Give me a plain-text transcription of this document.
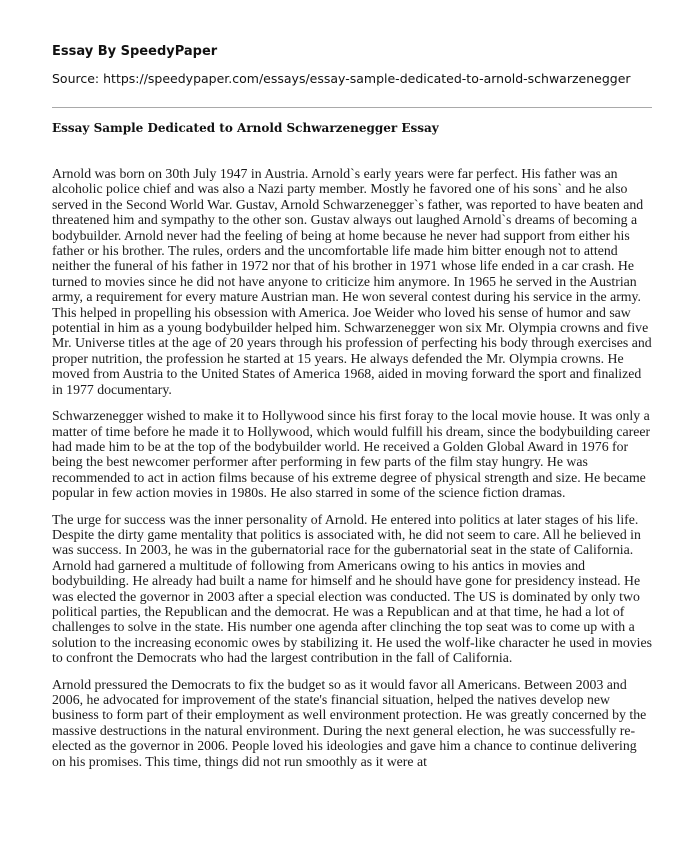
Essay By SpeedyPaper
Source: https://speedypaper.com/essays/essay-sample-dedicated-to-arnold-schwarzenegger
Essay Sample Dedicated to Arnold Schwarzenegger Essay

Arnold was born on 30th July 1947 in Austria. Arnold`s early years were far perfect. His father was an alcoholic police chief and was also a Nazi party member. Mostly he favored one of his sons` and he also served in the Second World War. Gustav, Arnold Schwarzenegger`s father, was reported to have beaten and threatened him and sympathy to the other son. Gustav always out laughed Arnold`s dreams of becoming a bodybuilder. Arnold never had the feeling of being at home because he never had support from either his father or his brother. The rules, orders and the uncomfortable life made him bitter enough not to attend neither the funeral of his father in 1972 nor that of his brother in 1971 whose life ended in a car crash. He turned to movies since he did not have anyone to criticize him anymore. In 1965 he served in the Austrian army, a requirement for every mature Austrian man. He won several contest during his service in the army. This helped in propelling his obsession with America. Joe Weider who loved his sense of humor and saw potential in him as a young bodybuilder helped him. Schwarzenegger won six Mr. Olympia crowns and five Mr. Universe titles at the age of 20 years through his profession of perfecting his body through exercises and proper nutrition, the profession he started at 15 years. He always defended the Mr. Olympia crowns. He moved from Austria to the United States of America 1968, aided in moving forward the sport and finalized in 1977 documentary.

Schwarzenegger wished to make it to Hollywood since his first foray to the local movie house. It was only a matter of time before he made it to Hollywood, which would fulfill his dream, since the bodybuilding career had made him to be at the top of the bodybuilder world. He received a Golden Global Award in 1976 for being the best newcomer performer after performing in few parts of the film stay hungry. He was recommended to act in action films because of his extreme degree of physical strength and size. He became popular in few action movies in 1980s. He also starred in some of the science fiction dramas.

The urge for success was the inner personality of Arnold. He entered into politics at later stages of his life. Despite the dirty game mentality that politics is associated with, he did not seem to care. All he believed in was success. In 2003, he was in the gubernatorial race for the gubernatorial seat in the state of California. Arnold had garnered a multitude of following from Americans owing to his antics in movies and bodybuilding. He already had built a name for himself and he should have gone for presidency instead. He was elected the governor in 2003 after a special election was conducted. The US is dominated by only two political parties, the Republican and the democrat. He was a Republican and at that time, he had a lot of challenges to solve in the state. His number one agenda after clinching the top seat was to come up with a solution to the increasing economic owes by stabilizing it. He used the wolf-like character he used in movies to confront the Democrats who had the largest contribution in the fall of California.

Arnold pressured the Democrats to fix the budget so as it would favor all Americans. Between 2003 and 2006, he advocated for improvement of the state's financial situation, helped the natives develop new business to form part of their employment as well environment protection. He was greatly concerned by the massive destructions in the natural environment. During the next general election, he was successfully re-elected as the governor in 2006. People loved his ideologies and gave him a chance to continue delivering on his promises. This time, things did not run smoothly as it were at
